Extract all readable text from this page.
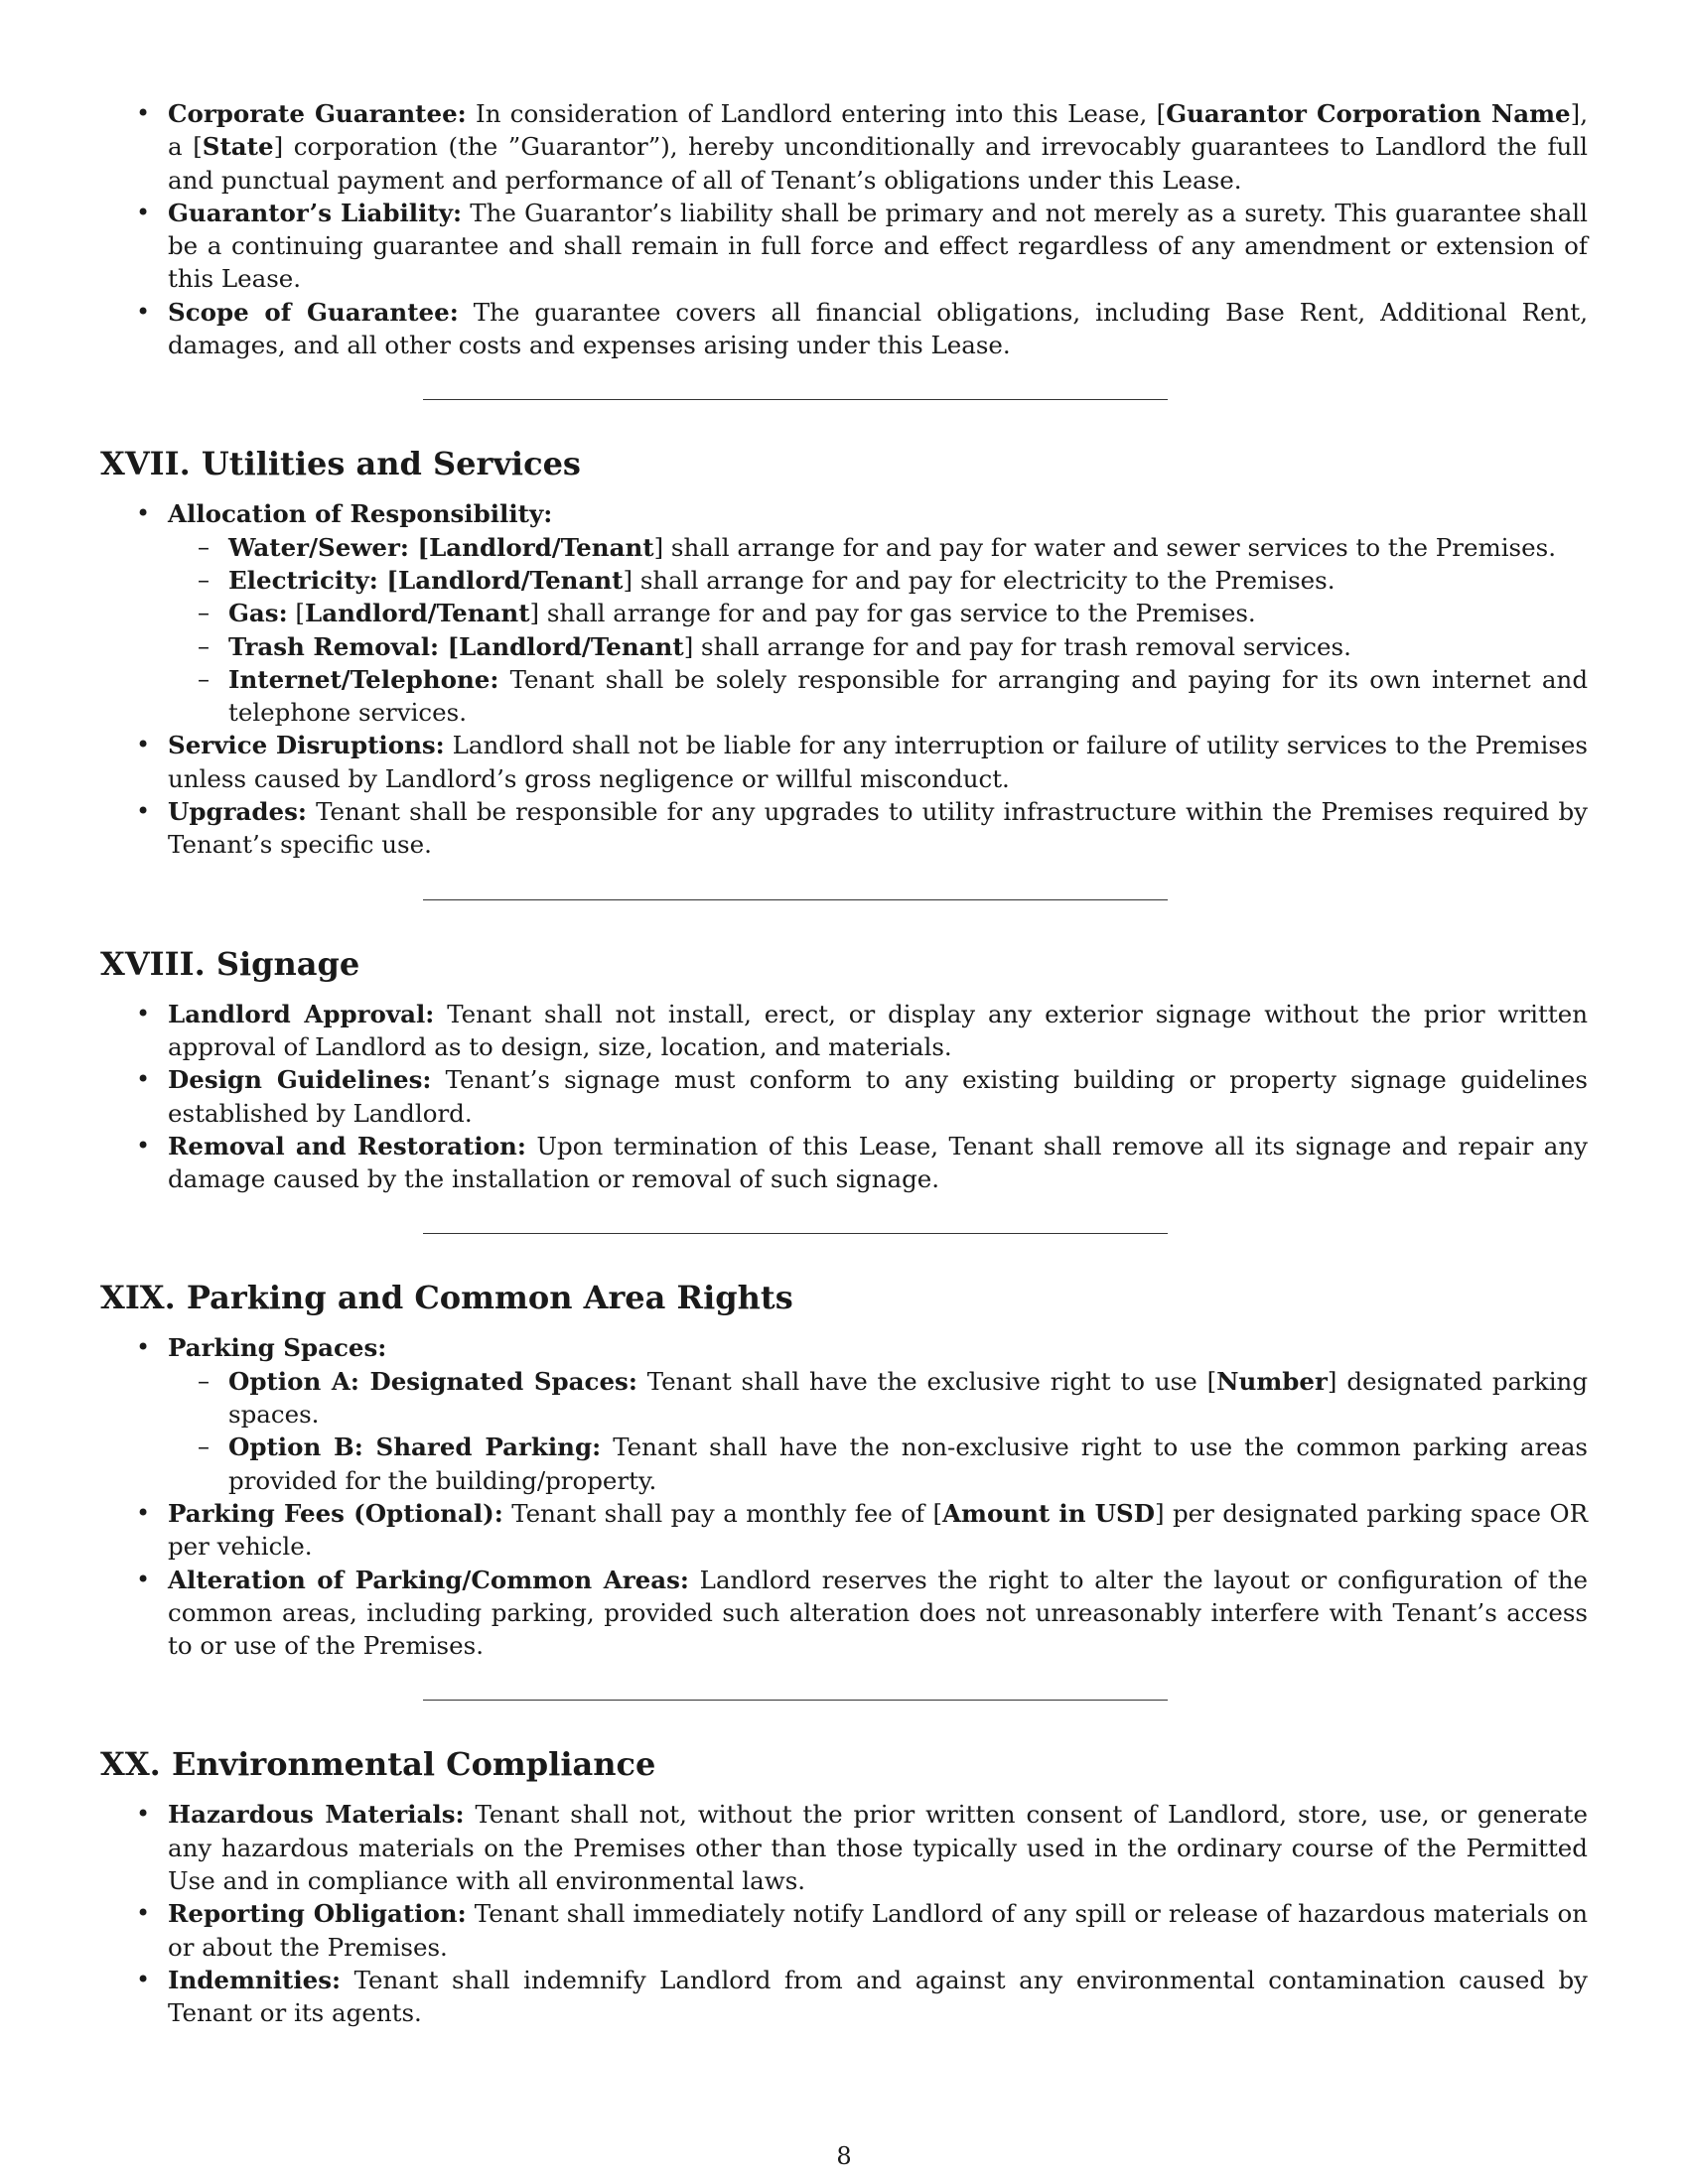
• Corporate Guarantee: In consideration of Landlord entering into this Lease, [Guarantor Corporation Name], a [State] corporation (the ”Guarantor”), hereby unconditionally and irrevocably guarantees to Landlord the full and punctual payment and performance of all of Tenant’s obligations under this Lease.
• Guarantor’s Liability: The Guarantor’s liability shall be primary and not merely as a surety. This guarantee shall be a continuing guarantee and shall remain in full force and effect regardless of any amendment or extension of this Lease.
• Scope of Guarantee: The guarantee covers all financial obligations, including Base Rent, Additional Rent, damages, and all other costs and expenses arising under this Lease.
XVII. Utilities and Services
• Allocation of Responsibility:
– Water/Sewer: [Landlord/Tenant] shall arrange for and pay for water and sewer services to the Premises.
– Electricity: [Landlord/Tenant] shall arrange for and pay for electricity to the Premises.
– Gas: [Landlord/Tenant] shall arrange for and pay for gas service to the Premises.
– Trash Removal: [Landlord/Tenant] shall arrange for and pay for trash removal services.
– Internet/Telephone: Tenant shall be solely responsible for arranging and paying for its own internet and telephone services.
• Service Disruptions: Landlord shall not be liable for any interruption or failure of utility services to the Premises unless caused by Landlord’s gross negligence or willful misconduct.
• Upgrades: Tenant shall be responsible for any upgrades to utility infrastructure within the Premises required by Tenant’s specific use.
XVIII. Signage
• Landlord Approval: Tenant shall not install, erect, or display any exterior signage without the prior written approval of Landlord as to design, size, location, and materials.
• Design Guidelines: Tenant’s signage must conform to any existing building or property signage guidelines established by Landlord.
• Removal and Restoration: Upon termination of this Lease, Tenant shall remove all its signage and repair any damage caused by the installation or removal of such signage.
XIX. Parking and Common Area Rights
• Parking Spaces:
– Option A: Designated Spaces: Tenant shall have the exclusive right to use [Number] designated parking spaces.
– Option B: Shared Parking: Tenant shall have the non-exclusive right to use the common parking areas provided for the building/property.
• Parking Fees (Optional): Tenant shall pay a monthly fee of [Amount in USD] per designated parking space OR per vehicle.
• Alteration of Parking/Common Areas: Landlord reserves the right to alter the layout or configuration of the common areas, including parking, provided such alteration does not unreasonably interfere with Tenant’s access to or use of the Premises.
XX. Environmental Compliance
• Hazardous Materials: Tenant shall not, without the prior written consent of Landlord, store, use, or generate any hazardous materials on the Premises other than those typically used in the ordinary course of the Permitted Use and in compliance with all environmental laws.
• Reporting Obligation: Tenant shall immediately notify Landlord of any spill or release of hazardous materials on or about the Premises.
• Indemnities: Tenant shall indemnify Landlord from and against any environmental contamination caused by Tenant or its agents.
8
